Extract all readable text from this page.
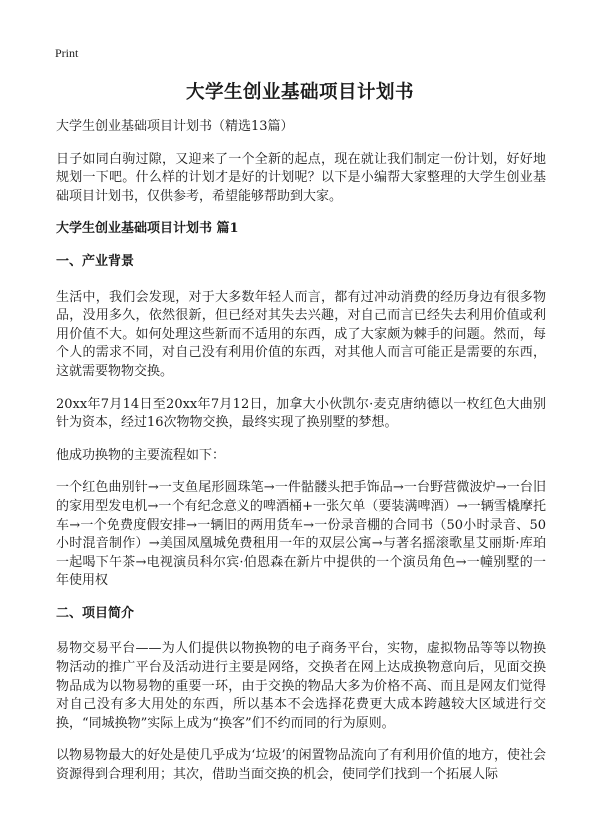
Print
大学生创业基础项目计划书

大学生创业基础项目计划书（精选13篇）

日子如同白驹过隙，又迎来了一个全新的起点，现在就让我们制定一份计划，好好地规划一下吧。什么样的计划才是好的计划呢？以下是小编帮大家整理的大学生创业基础项目计划书，仅供参考，希望能够帮助到大家。

大学生创业基础项目计划书 篇1

一、产业背景

生活中，我们会发现，对于大多数年轻人而言，都有过冲动消费的经历身边有很多物品，没用多久，依然很新，但已经对其失去兴趣，对自己而言已经失去利用价值或利用价值不大。如何处理这些新而不适用的东西，成了大家颇为棘手的问题。然而，每个人的需求不同，对自己没有利用价值的东西，对其他人而言可能正是需要的东西，这就需要物物交换。

20xx年7月14日至20xx年7月12日，加拿大小伙凯尔·麦克唐纳德以一枚红色大曲别针为资本，经过16次物物交换，最终实现了换别墅的梦想。

他成功换物的主要流程如下：

一个红色曲别针→一支鱼尾形圆珠笔→一件骷髅头把手饰品→一台野营微波炉→一台旧的家用型发电机→一个有纪念意义的啤酒桶+一张欠单（要装满啤酒）→一辆雪橇摩托车→一个免费度假安排→一辆旧的两用货车→一份录音棚的合同书（50小时录音、50小时混音制作）→美国凤凰城免费租用一年的双层公寓→与著名摇滚歌星艾丽斯·库珀一起喝下午茶→电视演员科尔宾·伯恩森在新片中提供的一个演员角色→一幢别墅的一年使用权

二、项目简介

易物交易平台——为人们提供以物换物的电子商务平台，实物，虚拟物品等等以物换物活动的推广平台及活动进行主要是网络，交换者在网上达成换物意向后，见面交换物品成为以物易物的重要一环，由于交换的物品大多为价格不高、而且是网友们觉得对自己没有多大用处的东西，所以基本不会选择花费更大成本跨越较大区域进行交换，“同城换物”实际上成为“换客”们不约而同的行为原则。

以物易物最大的好处是使几乎成为‘垃圾’的闲置物品流向了有利用价值的地方，使社会资源得到合理利用；其次，借助当面交换的机会，使同学们找到一个拓展人际
